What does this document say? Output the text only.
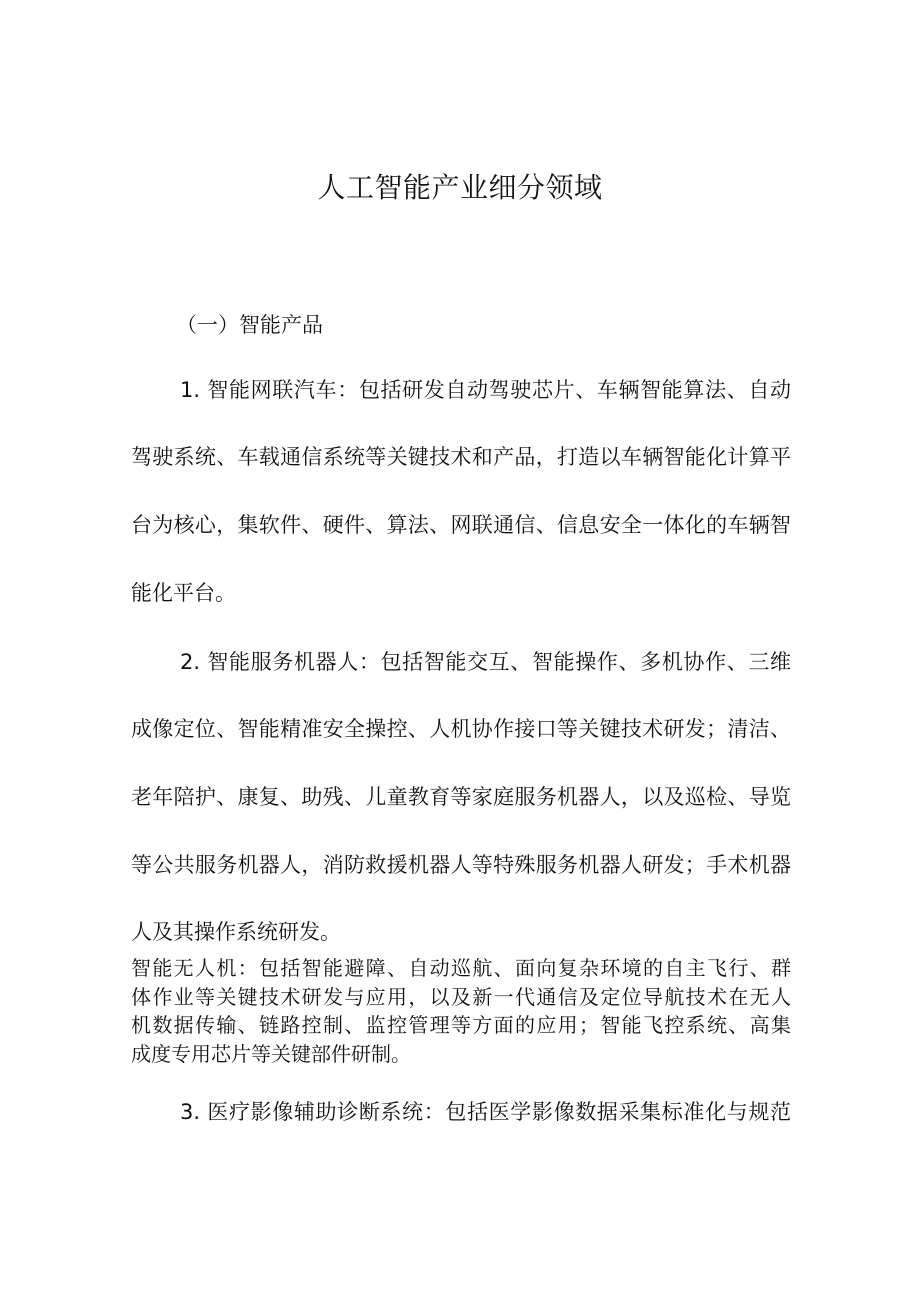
人工智能产业细分领域

（一）智能产品

1. 智能网联汽车：包括研发自动驾驶芯片、车辆智能算法、自动

驾驶系统、车载通信系统等关键技术和产品，打造以车辆智能化计算平

台为核心，集软件、硬件、算法、网联通信、信息安全一体化的车辆智

能化平台。

2. 智能服务机器人：包括智能交互、智能操作、多机协作、三维

成像定位、智能精准安全操控、人机协作接口等关键技术研发；清洁、

老年陪护、康复、助残、儿童教育等家庭服务机器人，以及巡检、导览

等公共服务机器人，消防救援机器人等特殊服务机器人研发；手术机器

人及其操作系统研发。

智能无人机：包括智能避障、自动巡航、面向复杂环境的自主飞行、群

体作业等关键技术研发与应用，以及新一代通信及定位导航技术在无人

机数据传输、链路控制、监控管理等方面的应用；智能飞控系统、高集

成度专用芯片等关键部件研制。

3. 医疗影像辅助诊断系统：包括医学影像数据采集标准化与规范
